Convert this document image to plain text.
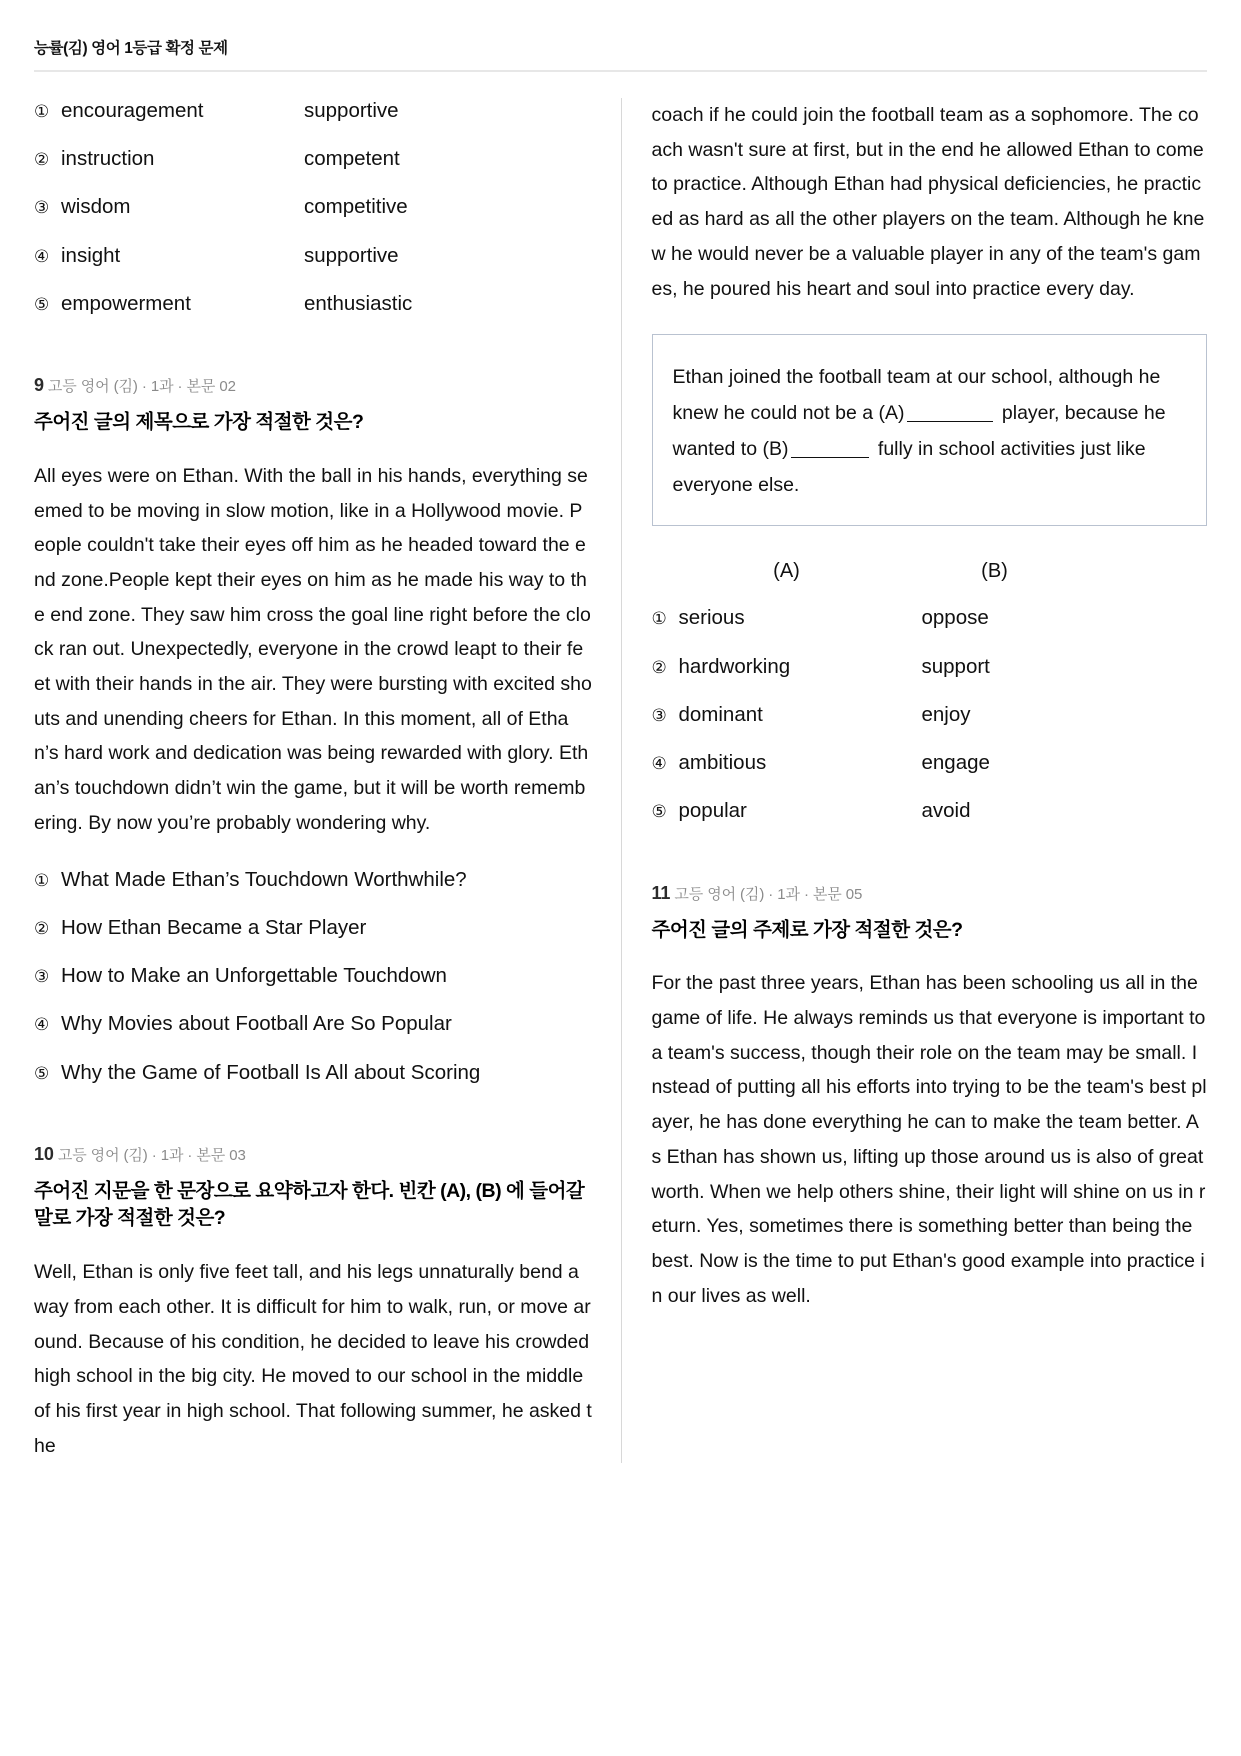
능률(김) 영어 1등급 확정 문제
① encouragement	supportive
② instruction	competent
③ wisdom	competitive
④ insight	supportive
⑤ empowerment	enthusiastic
9 고등 영어 (김) · 1과 · 본문 02
주어진 글의 제목으로 가장 적절한 것은?
All eyes were on Ethan. With the ball in his hands, everything seemed to be moving in slow motion, like in a Hollywood movie. People couldn't take their eyes off him as he headed toward the end zone.People kept their eyes on him as he made his way to the end zone. They saw him cross the goal line right before the clock ran out. Unexpectedly, everyone in the crowd leapt to their feet with their hands in the air. They were bursting with excited shouts and unending cheers for Ethan. In this moment, all of Ethan’s hard work and dedication was being rewarded with glory. Ethan’s touchdown didn’t win the game, but it will be worth remembering. By now you’re probably wondering why.
① What Made Ethan’s Touchdown Worthwhile?
② How Ethan Became a Star Player
③ How to Make an Unforgettable Touchdown
④ Why Movies about Football Are So Popular
⑤ Why the Game of Football Is All about Scoring
10 고등 영어 (김) · 1과 · 본문 03
주어진 지문을 한 문장으로 요약하고자 한다. 빈칸 (A), (B) 에 들어갈 말로 가장 적절한 것은?
Well, Ethan is only five feet tall, and his legs unnaturally bend away from each other. It is difficult for him to walk, run, or move around. Because of his condition, he decided to leave his crowded high school in the big city. He moved to our school in the middle of his first year in high school. That following summer, he asked the
coach if he could join the football team as a sophomore. The coach wasn't sure at first, but in the end he allowed Ethan to come to practice. Although Ethan had physical deficiencies, he practiced as hard as all the other players on the team. Although he knew he would never be a valuable player in any of the team's games, he poured his heart and soul into practice every day.
Ethan joined the football team at our school, although he knew he could not be a (A)	player, because he wanted to (B)	fully in school activities just like everyone else.
(A)	(B)
① serious	oppose
② hardworking	support
③ dominant	enjoy
④ ambitious	engage
⑤ popular	avoid
11 고등 영어 (김) · 1과 · 본문 05
주어진 글의 주제로 가장 적절한 것은?
For the past three years, Ethan has been schooling us all in the game of life. He always reminds us that everyone is important to a team's success, though their role on the team may be small. Instead of putting all his efforts into trying to be the team's best player, he has done everything he can to make the team better. As Ethan has shown us, lifting up those around us is also of great worth. When we help others shine, their light will shine on us in return. Yes, sometimes there is something better than being the best. Now is the time to put Ethan's good example into practice in our lives as well.
